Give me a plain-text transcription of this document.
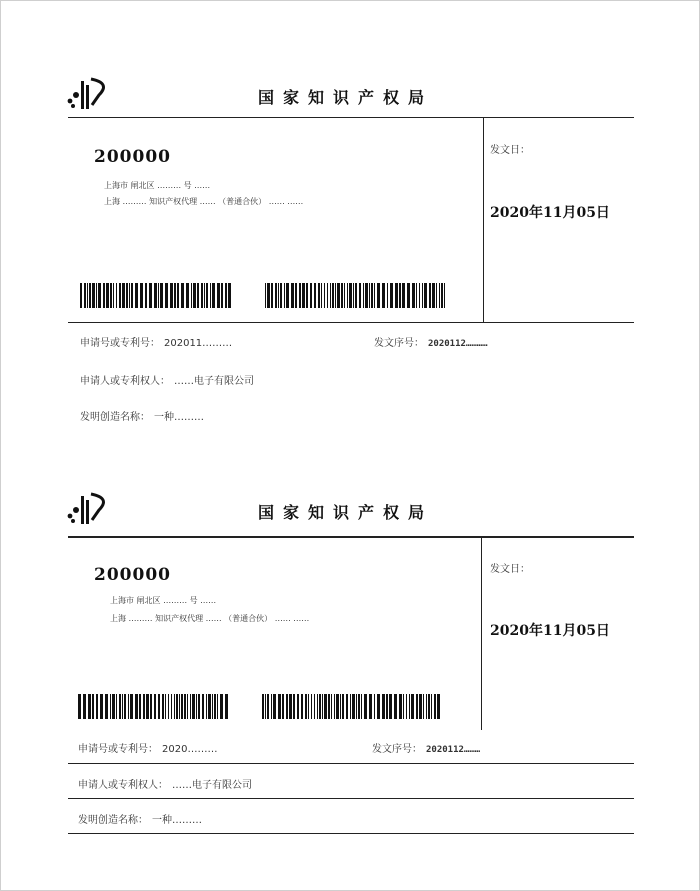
国家知识产权局
200000
上海市 闸北区 ……… 号 ……
上海 ……… 知识产权代理 …… （普通合伙） …… ……
发文日：
2020年11月05日
申请号或专利号： 202011………	发文序号： 2020112…………
申请人或专利权人： ……电子有限公司
发明创造名称： 一种………
国家知识产权局
200000
上海市 闸北区 ……… 号 ……
上海 ……… 知识产权代理 …… （普通合伙） …… ……
发文日：
2020年11月05日
申请号或专利号： 2020………	发文序号： 2020112………
申请人或专利权人： ……电子有限公司
发明创造名称： 一种………
